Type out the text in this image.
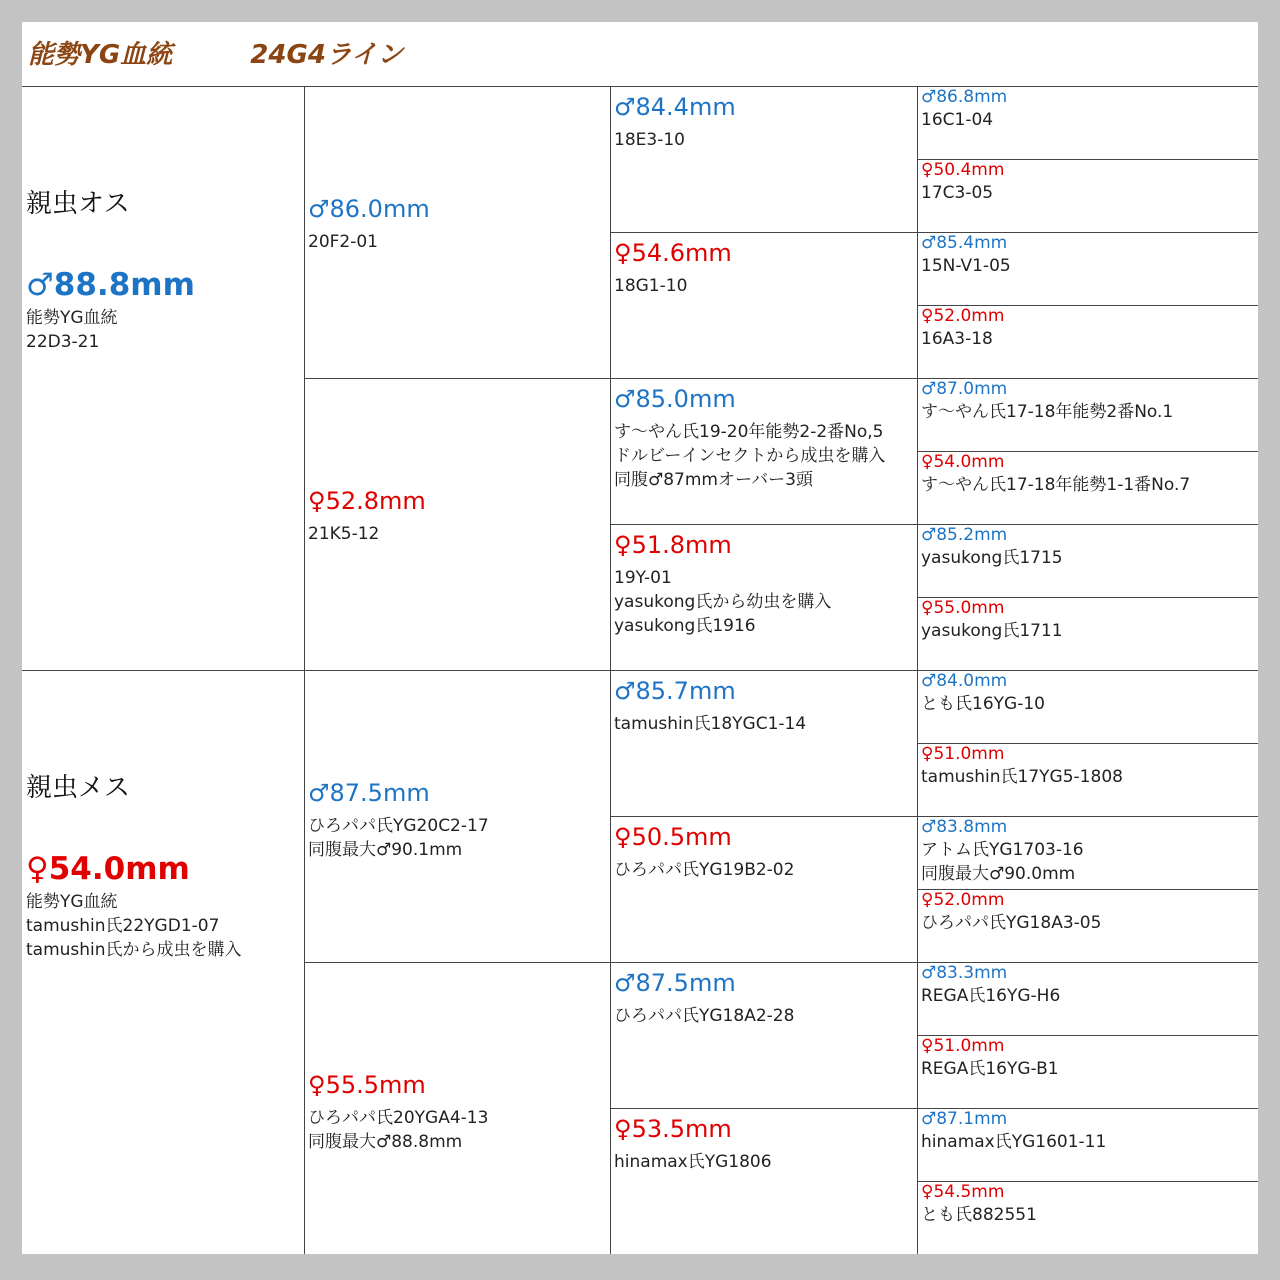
能勢YG血統	24G4ライン
親虫オス
♂88.8mm
能勢YG血統
22D3-21
親虫メス
♀54.0mm
能勢YG血統
tamushin氏22YGD1-07
tamushin氏から成虫を購入
♂86.0mm
20F2-01
♀52.8mm
21K5-12
♂87.5mm
ひろパパ氏YG20C2-17
同腹最大♂90.1mm
♀55.5mm
ひろパパ氏20YGA4-13
同腹最大♂88.8mm
♂84.4mm
18E3-10
♀54.6mm
18G1-10
♂85.0mm
す～やん氏19-20年能勢2-2番No,5
ドルビーインセクトから成虫を購入
同腹♂87mmオーバー3頭
♀51.8mm
19Y-01
yasukong氏から幼虫を購入
yasukong氏1916
♂85.7mm
tamushin氏18YGC1-14
♀50.5mm
ひろパパ氏YG19B2-02
♂87.5mm
ひろパパ氏YG18A2-28
♀53.5mm
hinamax氏YG1806
♂86.8mm
16C1-04
♀50.4mm
17C3-05
♂85.4mm
15N-V1-05
♀52.0mm
16A3-18
♂87.0mm
す～やん氏17-18年能勢2番No.1
♀54.0mm
す～やん氏17-18年能勢1-1番No.7
♂85.2mm
yasukong氏1715
♀55.0mm
yasukong氏1711
♂84.0mm
とも氏16YG-10
♀51.0mm
tamushin氏17YG5-1808
♂83.8mm
アトム氏YG1703-16
同腹最大♂90.0mm
♀52.0mm
ひろパパ氏YG18A3-05
♂83.3mm
REGA氏16YG-H6
♀51.0mm
REGA氏16YG-B1
♂87.1mm
hinamax氏YG1601-11
♀54.5mm
とも氏882551
